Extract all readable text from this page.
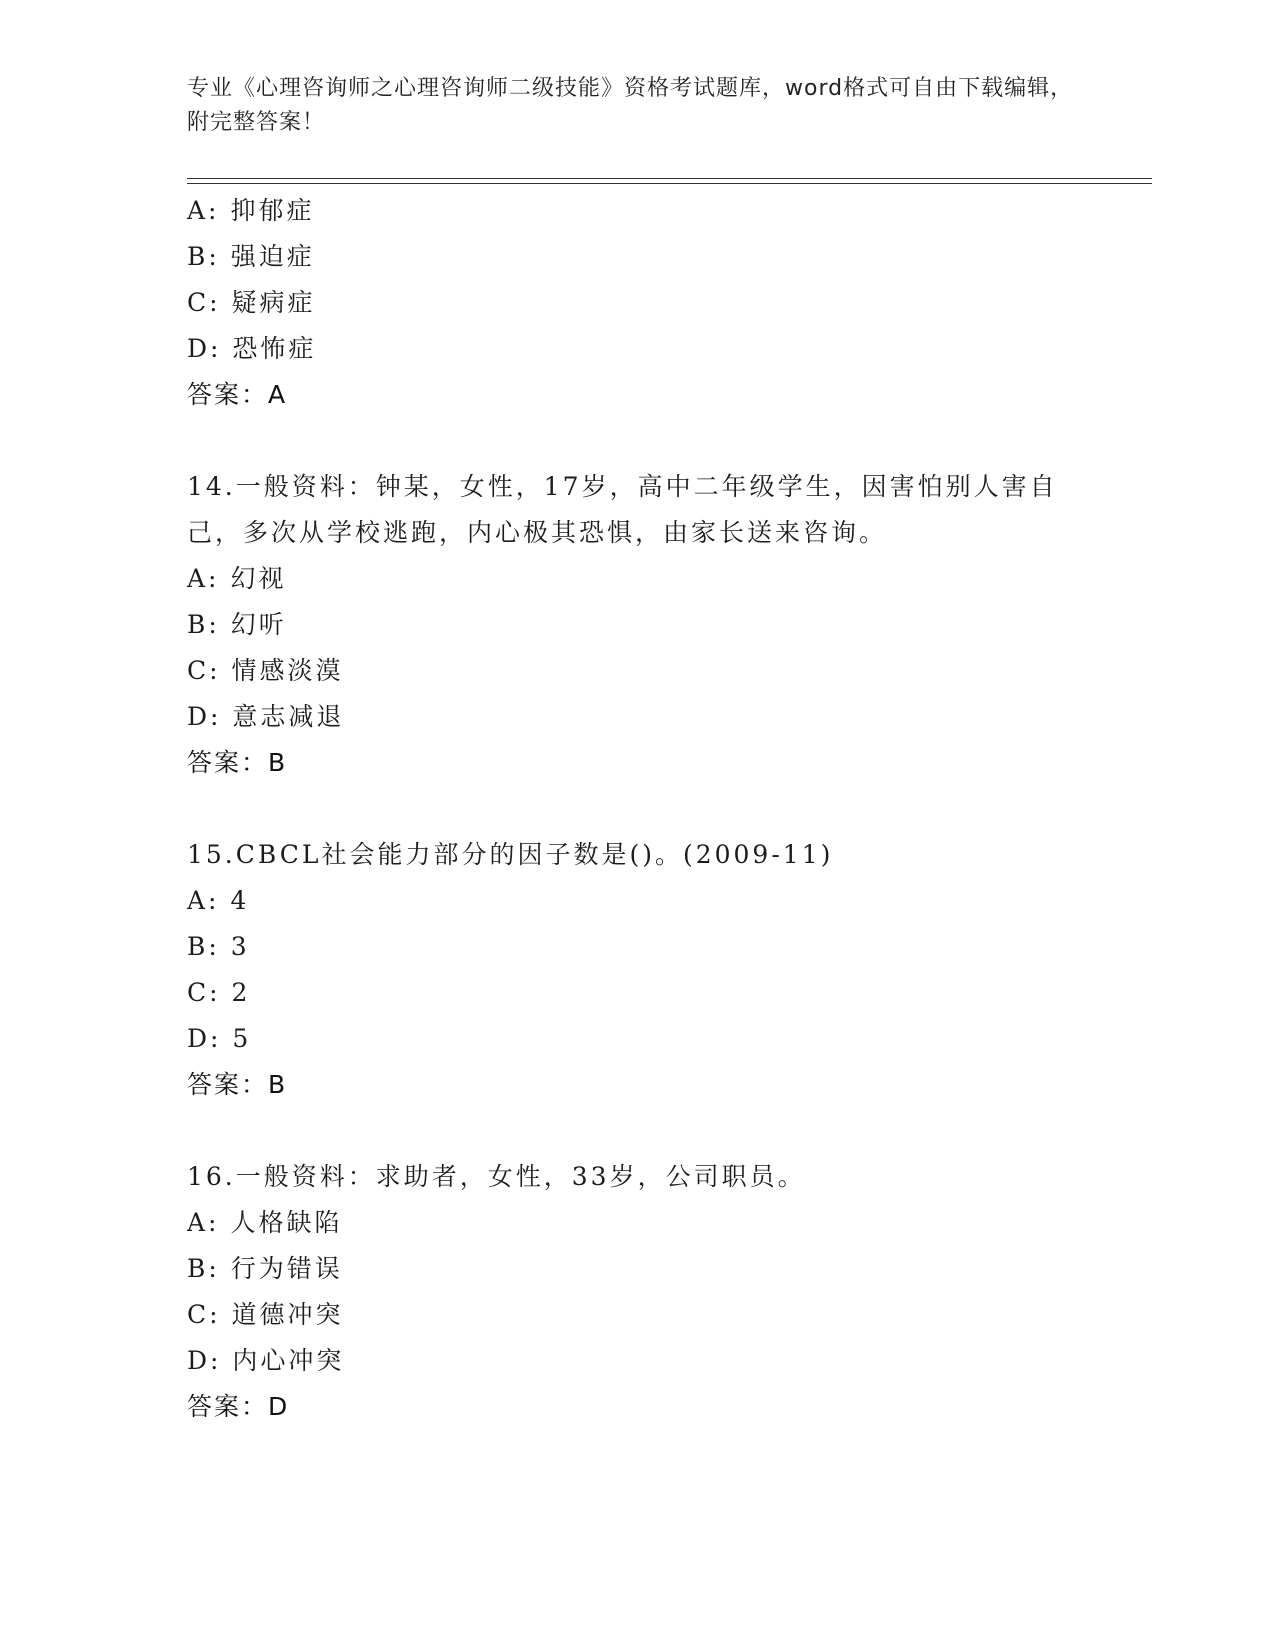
专业《心理咨询师之心理咨询师二级技能》资格考试题库，word格式可自由下载编辑，附完整答案！
A: 抑郁症
B: 强迫症
C: 疑病症
D: 恐怖症
答案：A
14.一般资料：钟某，女性，17岁，高中二年级学生，因害怕别人害自己，多次从学校逃跑，内心极其恐惧，由家长送来咨询。
A: 幻视
B: 幻听
C: 情感淡漠
D: 意志减退
答案：B
15.CBCL社会能力部分的因子数是()。(2009-11)
A: 4
B: 3
C: 2
D: 5
答案：B
16.一般资料：求助者，女性，33岁，公司职员。
A: 人格缺陷
B: 行为错误
C: 道德冲突
D: 内心冲突
答案：D
